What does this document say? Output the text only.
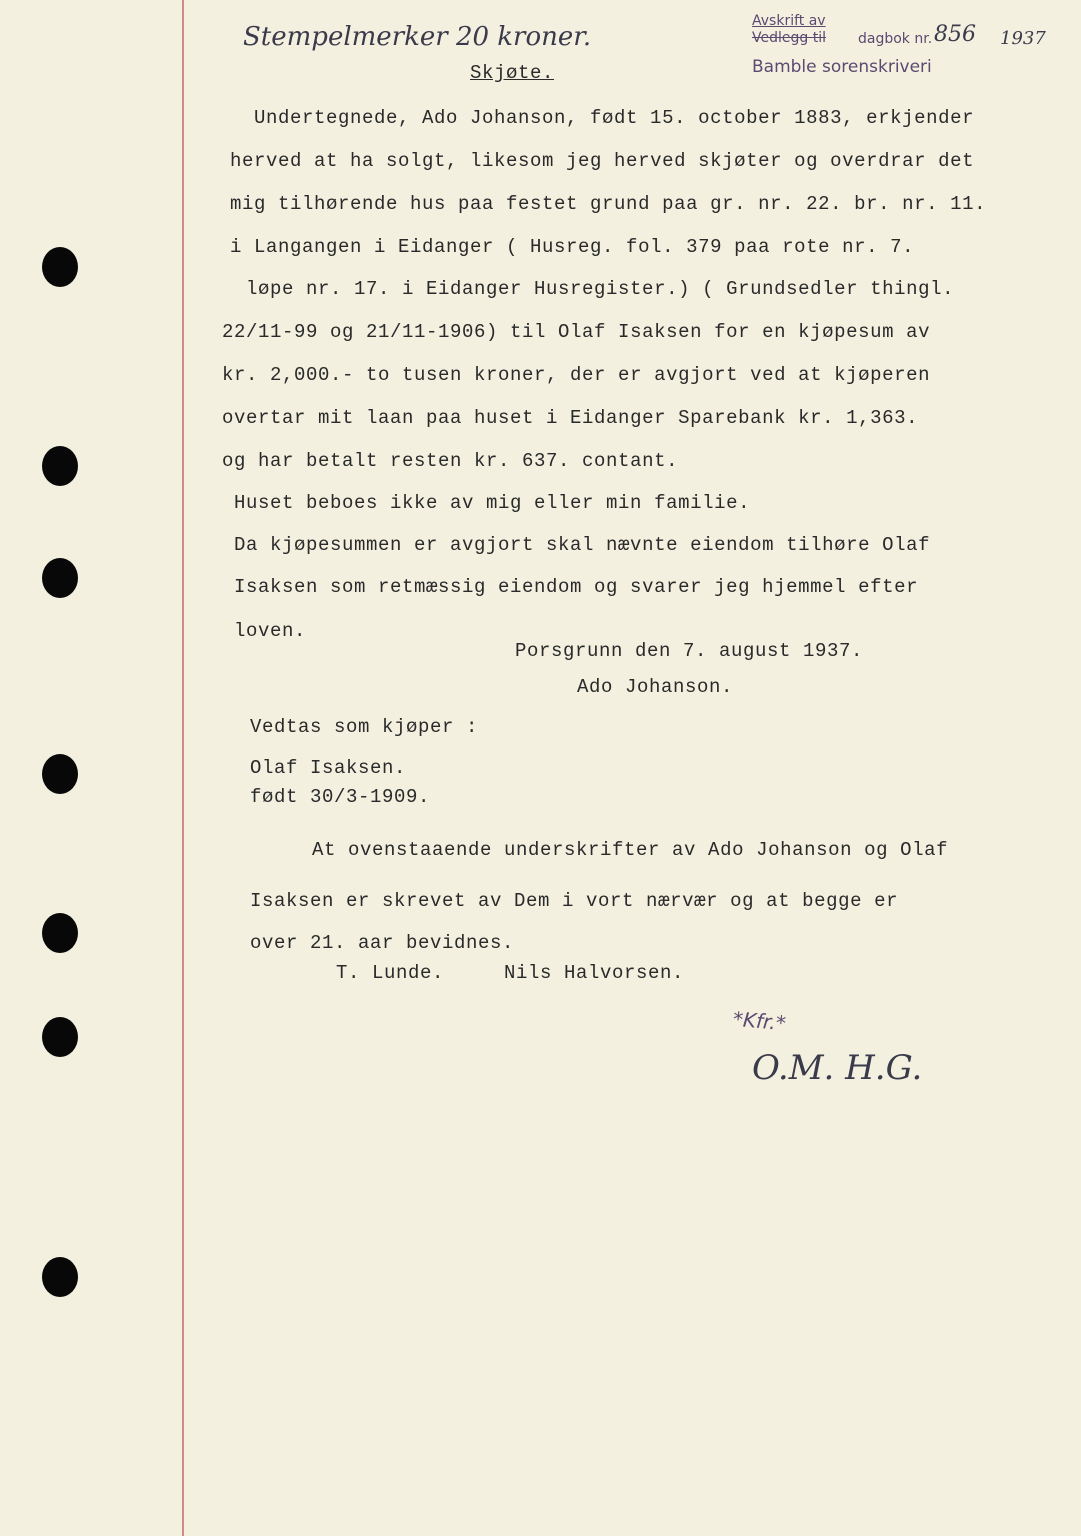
Stempelmerker 20 kroner.
Avskrift av
Vedlegg til dagbok nr. 856 1937
Bamble sorenskriveri
Skjøte.
Undertegnede, Ado Johanson, født 15. october 1883, erkjender
herved at ha solgt, likesom jeg herved skjøter og overdrar det
mig tilhørende hus paa festet grund paa gr. nr. 22. br. nr. 11.
i Langangen i Eidanger ( Husreg. fol. 379 paa rote nr. 7.
løpe nr. 17. i Eidanger Husregister.) ( Grundsedler thingl.
22/11-99 og 21/11-1906) til Olaf Isaksen for en kjøpesum av
kr. 2,000.- to tusen kroner, der er avgjort ved at kjøperen
overtar mit laan paa huset i Eidanger Sparebank kr. 1,363.
og har betalt resten kr. 637. contant.
Huset beboes ikke av mig eller min familie.
Da kjøpesummen er avgjort skal nævnte eiendom tilhøre Olaf
Isaksen som retmæssig eiendom og svarer jeg hjemmel efter
loven.
Porsgrunn den 7. august 1937.
Ado Johanson.
Vedtas som kjøper :
Olaf Isaksen.
født 30/3-1909.
At ovenstaaende underskrifter av Ado Johanson og Olaf
Isaksen er skrevet av Dem i vort nærvær og at begge er
over 21. aar bevidnes.
T. Lunde.     Nils Halvorsen.
*Kfr.*
O.M. H.G.
